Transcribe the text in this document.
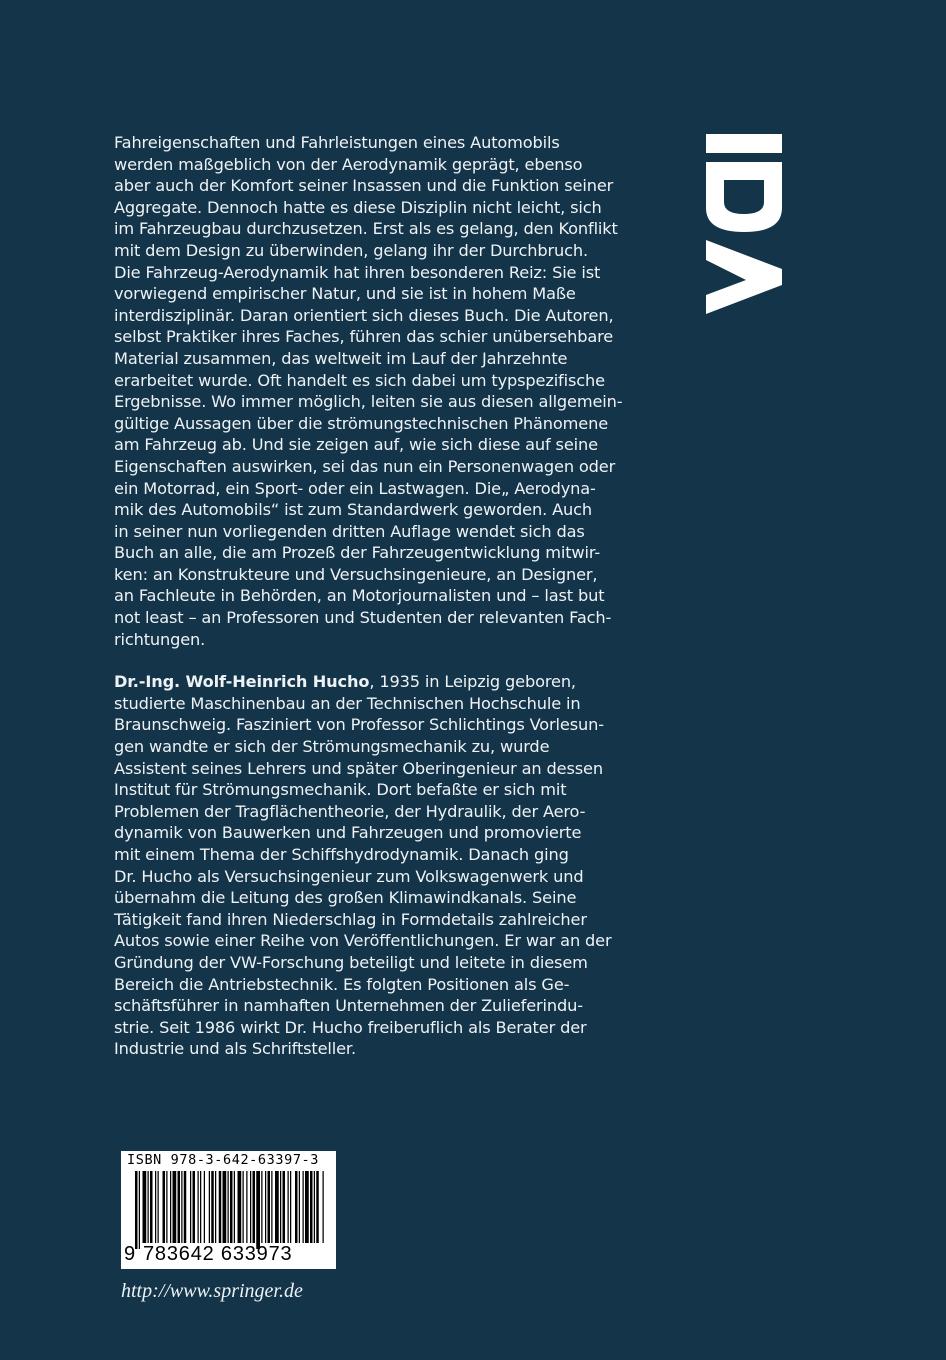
Fahreigenschaften und Fahrleistungen eines Automobils
werden maßgeblich von der Aerodynamik geprägt, ebenso
aber auch der Komfort seiner Insassen und die Funktion seiner
Aggregate. Dennoch hatte es diese Disziplin nicht leicht, sich
im Fahrzeugbau durchzusetzen. Erst als es gelang, den Konflikt
mit dem Design zu überwinden, gelang ihr der Durchbruch.
Die Fahrzeug-Aerodynamik hat ihren besonderen Reiz: Sie ist
vorwiegend empirischer Natur, und sie ist in hohem Maße
interdisziplinär. Daran orientiert sich dieses Buch. Die Autoren,
selbst Praktiker ihres Faches, führen das schier unübersehbare
Material zusammen, das weltweit im Lauf der Jahrzehnte
erarbeitet wurde. Oft handelt es sich dabei um typspezifische
Ergebnisse. Wo immer möglich, leiten sie aus diesen allgemein-
gültige Aussagen über die strömungstechnischen Phänomene
am Fahrzeug ab. Und sie zeigen auf, wie sich diese auf seine
Eigenschaften auswirken, sei das nun ein Personenwagen oder
ein Motorrad, ein Sport- oder ein Lastwagen. Die„ Aerodyna-
mik des Automobils“ ist zum Standardwerk geworden. Auch
in seiner nun vorliegenden dritten Auflage wendet sich das
Buch an alle, die am Prozeß der Fahrzeugentwicklung mitwir-
ken: an Konstrukteure und Versuchsingenieure, an Designer,
an Fachleute in Behörden, an Motorjournalisten und – last but
not least – an Professoren und Studenten der relevanten Fach-
richtungen.

Dr.-Ing. Wolf-Heinrich Hucho, 1935 in Leipzig geboren,
studierte Maschinenbau an der Technischen Hochschule in
Braunschweig. Fasziniert von Professor Schlichtings Vorlesun-
gen wandte er sich der Strömungsmechanik zu, wurde
Assistent seines Lehrers und später Oberingenieur an dessen
Institut für Strömungsmechanik. Dort befaßte er sich mit
Problemen der Tragflächentheorie, der Hydraulik, der Aero-
dynamik von Bauwerken und Fahrzeugen und promovierte
mit einem Thema der Schiffshydrodynamik. Danach ging
Dr. Hucho als Versuchsingenieur zum Volkswagenwerk und
übernahm die Leitung des großen Klimawindkanals. Seine
Tätigkeit fand ihren Niederschlag in Formdetails zahlreicher
Autos sowie einer Reihe von Veröffentlichungen. Er war an der
Gründung der VW-Forschung beteiligt und leitete in diesem
Bereich die Antriebstechnik. Es folgten Positionen als Ge-
schäftsführer in namhaften Unternehmen der Zulieferindu-
strie. Seit 1986 wirkt Dr. Hucho freiberuflich als Berater der
Industrie und als Schriftsteller.

ISBN 978-3-642-63397-3
9 783642 633973
http://www.springer.de
